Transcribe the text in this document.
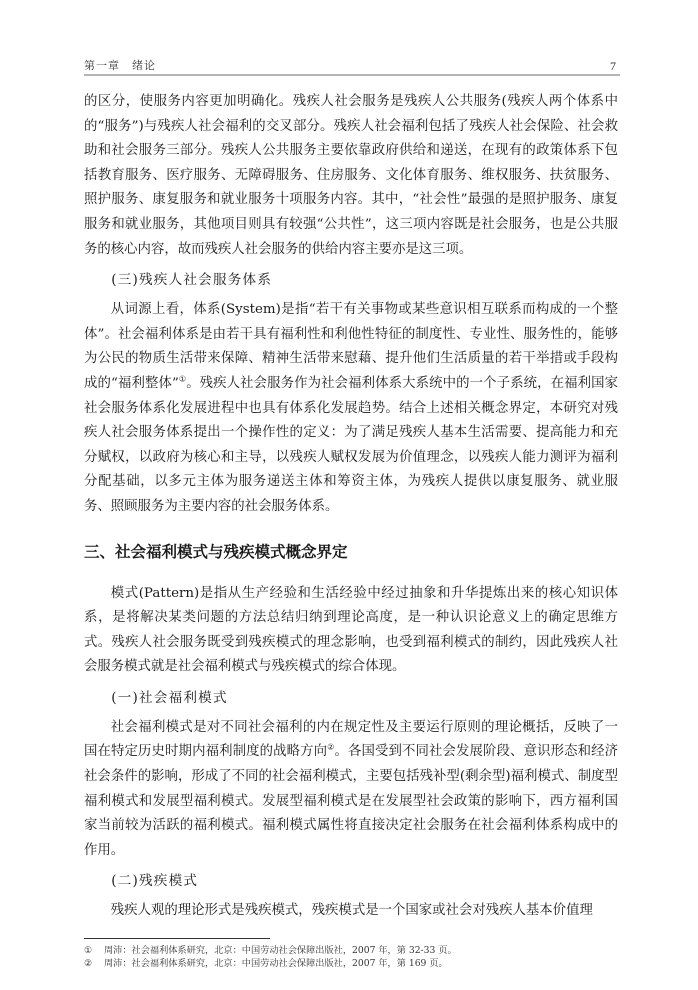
第一章　绪论	7

的区分，使服务内容更加明确化。残疾人社会服务是残疾人公共服务(残疾人两个体系中的“服务”)与残疾人社会福利的交叉部分。残疾人社会福利包括了残疾人社会保险、社会救助和社会服务三部分。残疾人公共服务主要依靠政府供给和递送，在现有的政策体系下包括教育服务、医疗服务、无障碍服务、住房服务、文化体育服务、维权服务、扶贫服务、照护服务、康复服务和就业服务十项服务内容。其中，“社会性”最强的是照护服务、康复服务和就业服务，其他项目则具有较强“公共性”，这三项内容既是社会服务，也是公共服务的核心内容，故而残疾人社会服务的供给内容主要亦是这三项。

(三)残疾人社会服务体系

从词源上看，体系(System)是指“若干有关事物或某些意识相互联系而构成的一个整体”。社会福利体系是由若干具有福利性和利他性特征的制度性、专业性、服务性的，能够为公民的物质生活带来保障、精神生活带来慰藉、提升他们生活质量的若干举措或手段构成的“福利整体”①。残疾人社会服务作为社会福利体系大系统中的一个子系统，在福利国家社会服务体系化发展进程中也具有体系化发展趋势。结合上述相关概念界定，本研究对残疾人社会服务体系提出一个操作性的定义：为了满足残疾人基本生活需要、提高能力和充分赋权，以政府为核心和主导，以残疾人赋权发展为价值理念，以残疾人能力测评为福利分配基础，以多元主体为服务递送主体和筹资主体，为残疾人提供以康复服务、就业服务、照顾服务为主要内容的社会服务体系。

三、社会福利模式与残疾模式概念界定

模式(Pattern)是指从生产经验和生活经验中经过抽象和升华提炼出来的核心知识体系，是将解决某类问题的方法总结归纳到理论高度，是一种认识论意义上的确定思维方式。残疾人社会服务既受到残疾模式的理念影响，也受到福利模式的制约，因此残疾人社会服务模式就是社会福利模式与残疾模式的综合体现。

(一)社会福利模式

社会福利模式是对不同社会福利的内在规定性及主要运行原则的理论概括，反映了一国在特定历史时期内福利制度的战略方向②。各国受到不同社会发展阶段、意识形态和经济社会条件的影响，形成了不同的社会福利模式，主要包括残补型(剩余型)福利模式、制度型福利模式和发展型福利模式。发展型福利模式是在发展型社会政策的影响下，西方福利国家当前较为活跃的福利模式。福利模式属性将直接决定社会服务在社会福利体系构成中的作用。

(二)残疾模式

残疾人观的理论形式是残疾模式，残疾模式是一个国家或社会对残疾人基本价值理

① 周沛：社会福利体系研究，北京：中国劳动社会保障出版社，2007 年，第 32-33 页。

② 周沛：社会福利体系研究，北京：中国劳动社会保障出版社，2007 年，第 169 页。
